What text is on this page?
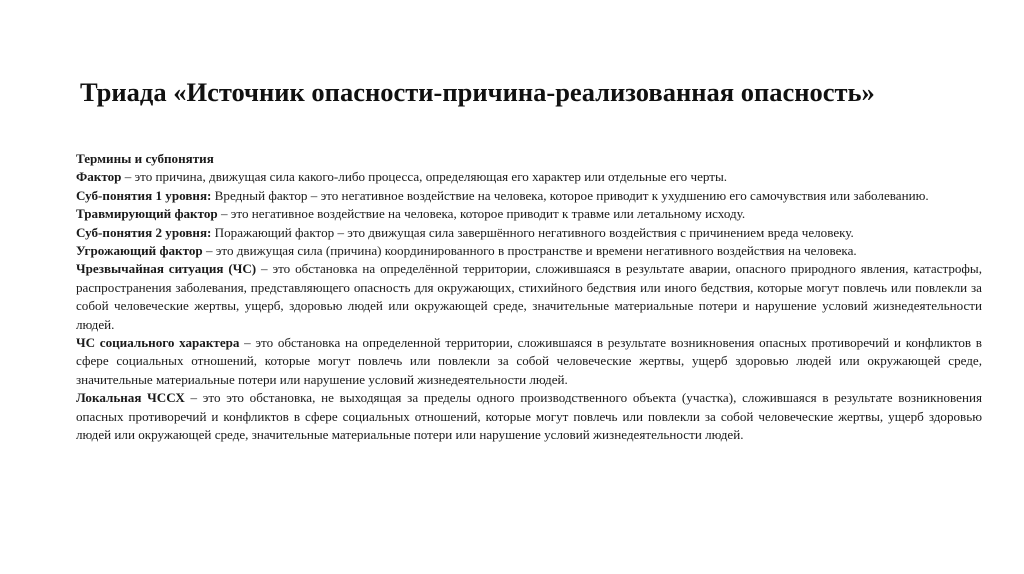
Триада «Источник опасности-причина-реализованная опасность»

Термины и субпонятия

Фактор – это причина, движущая сила какого-либо процесса, определяющая его характер или отдельные его черты.

Суб-понятия 1 уровня: Вредный фактор – это негативное воздействие на человека, которое приводит к ухудшению его самочувствия или заболеванию.

Травмирующий фактор – это негативное воздействие на человека, которое приводит к травме или летальному исходу.

Суб-понятия 2 уровня: Поражающий фактор – это движущая сила завершённого негативного воздействия с причинением вреда человеку.

Угрожающий фактор – это движущая сила (причина) координированного в пространстве и времени негативного воздействия на человека.

Чрезвычайная ситуация (ЧС) – это обстановка на определённой территории, сложившаяся в результате аварии, опасного природного явления, катастрофы, распространения заболевания, представляющего опасность для окружающих, стихийного бедствия или иного бедствия, которые могут повлечь или повлекли за собой человеческие жертвы, ущерб, здоровью людей или окружающей среде, значительные материальные потери и нарушение условий жизнедеятельности людей.

ЧС социального характера – это обстановка на определенной территории, сложившаяся в результате возникновения опасных противоречий и конфликтов в сфере социальных отношений, которые могут повлечь или повлекли за собой человеческие жертвы, ущерб здоровью людей или окружающей среде, значительные материальные потери или нарушение условий жизнедеятельности людей.

Локальная ЧССХ – это это обстановка, не выходящая за пределы одного производственного объекта (участка), сложившаяся в результате возникновения опасных противоречий и конфликтов в сфере социальных отношений, которые могут повлечь или повлекли за собой человеческие жертвы, ущерб здоровью людей или окружающей среде, значительные материальные потери или нарушение условий жизнедеятельности людей.
